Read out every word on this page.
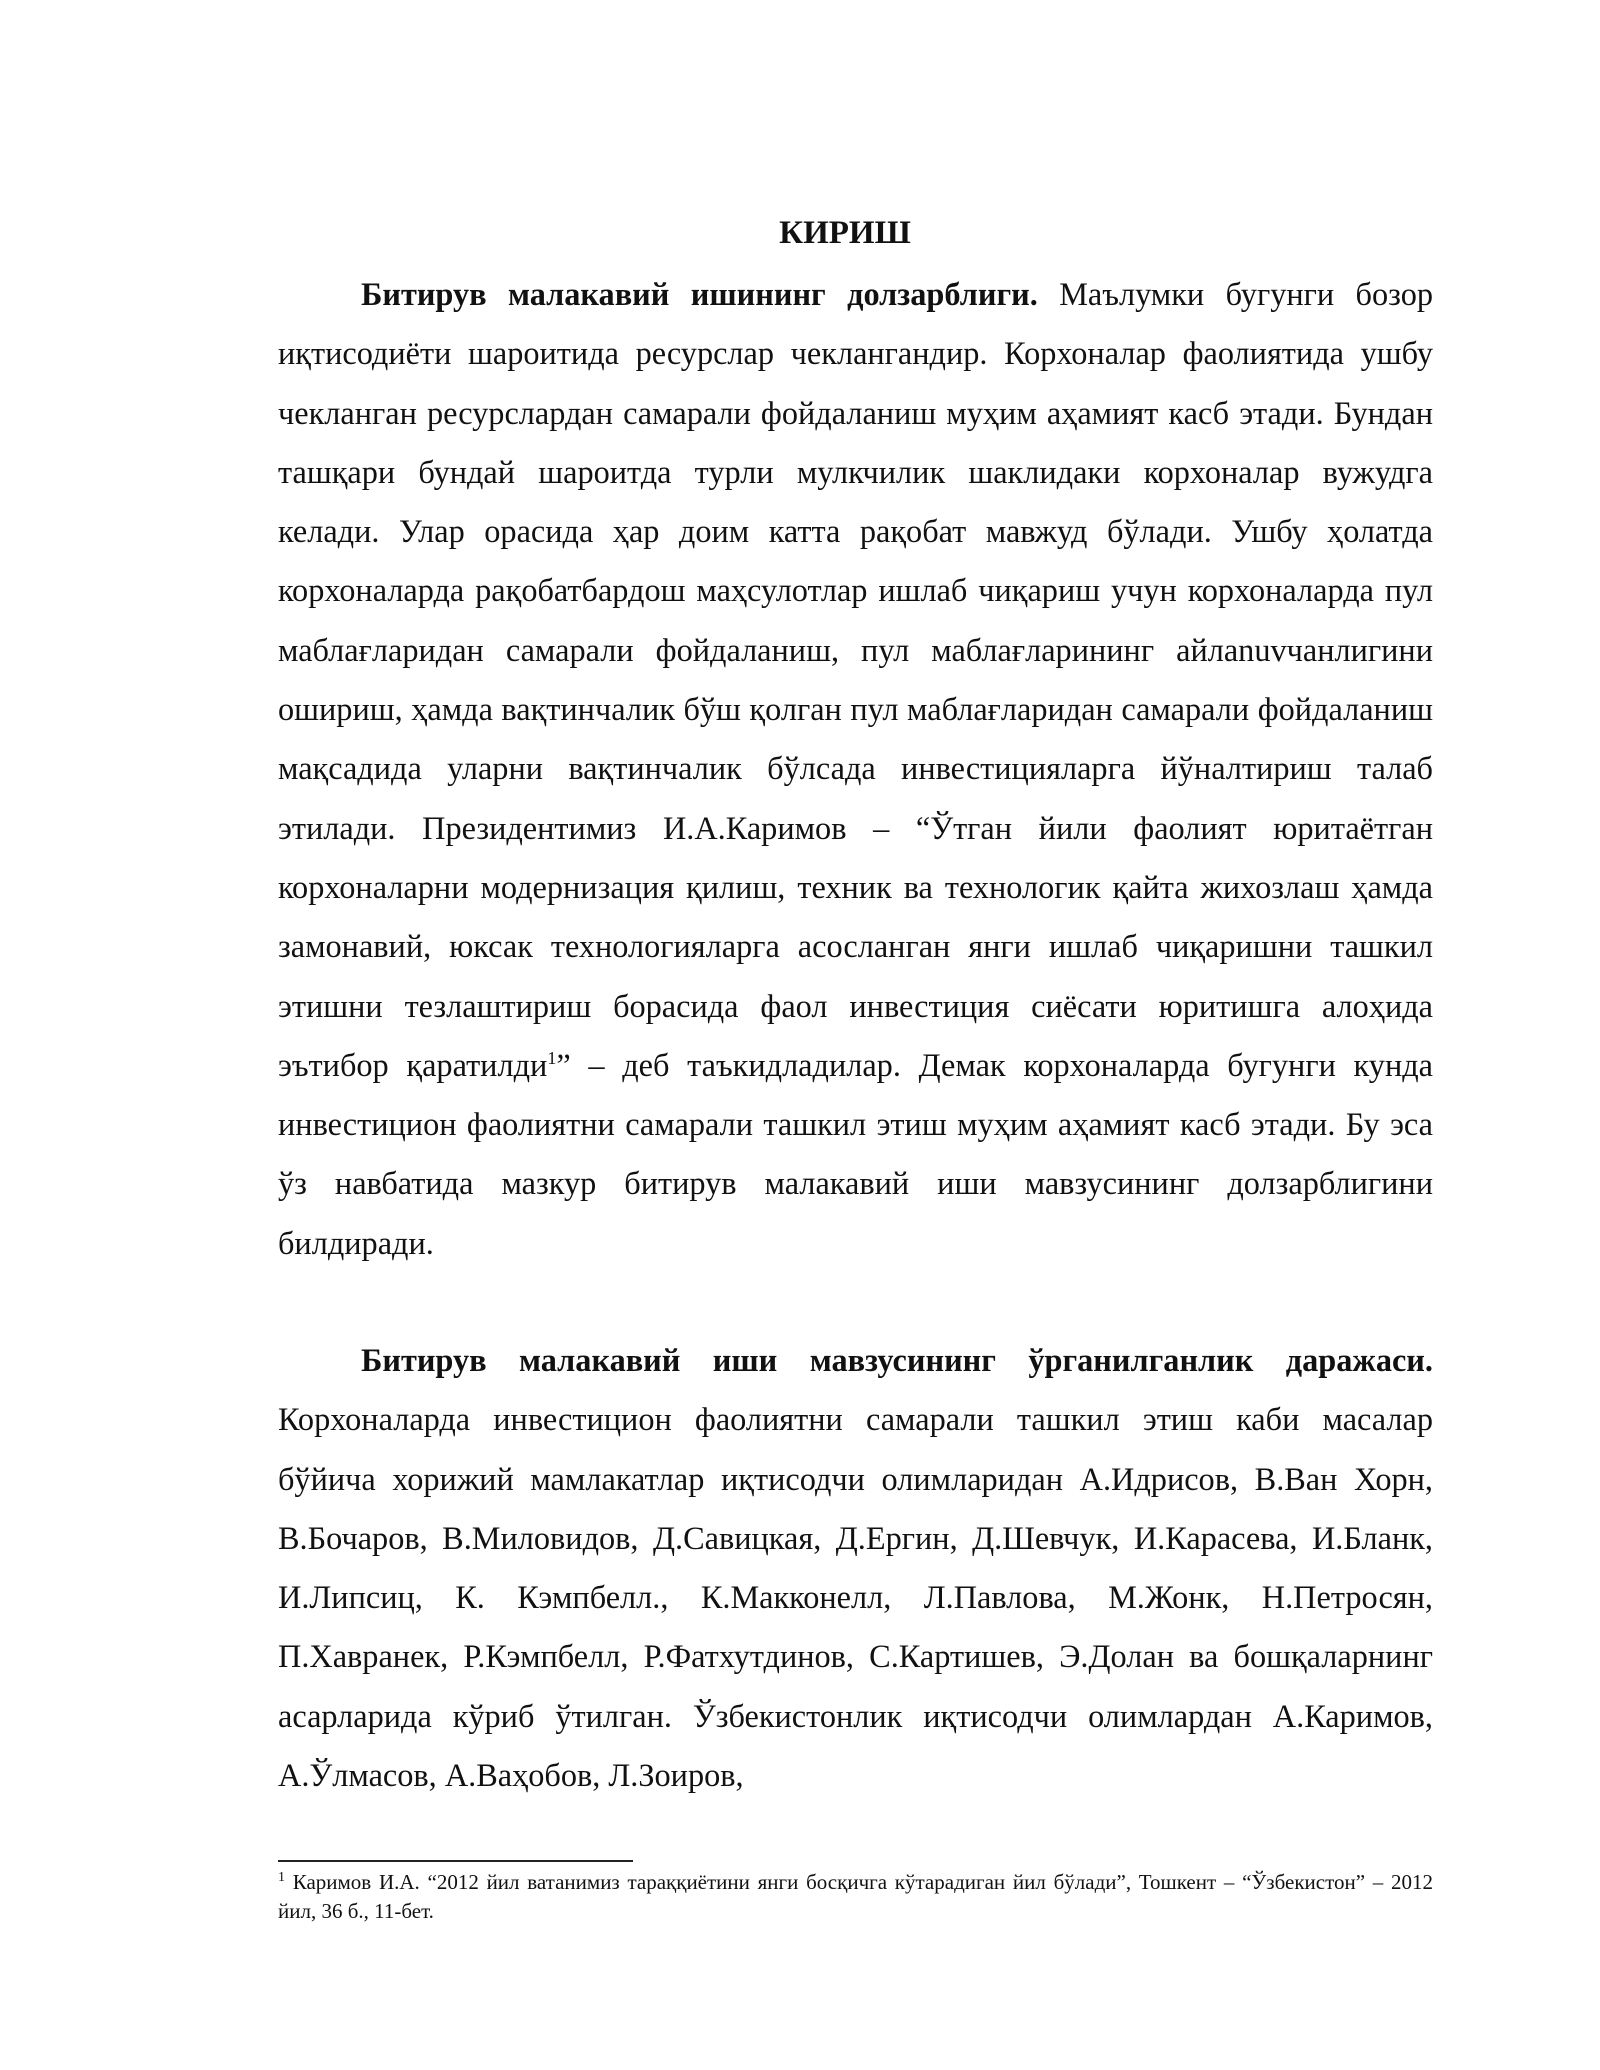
КИРИШ

Битирув малакавий ишининг долзарблиги. Маълумки бугунги бозор иқтисодиёти шароитида ресурслар чеклангандир. Корхоналар фаолиятида ушбу чекланган ресурслардан самарали фойдаланиш муҳим аҳамият касб этади. Бундан ташқари бундай шароитда турли мулкчилик шаклидаки корхоналар вужудга келади. Улар орасида ҳар доим катта рақобат мавжуд бўлади. Ушбу ҳолатда корхоналарда рақобатбардош маҳсулотлар ишлаб чиқариш учун корхоналарда пул маблағларидан самарали фойдаланиш, пул маблағларининг айлanuvчанлигини ошириш, ҳамда вақтинчалик бўш қолган пул маблағларидан самарали фойдаланиш мақсадида уларни вақтинчалик бўлсада инвестицияларга йўналтириш талаб этилади. Президентимиз И.А.Каримов – “Ўтган йили фаолият юритаётган корхоналарни модернизация қилиш, техник ва технологик қайта жихозлаш ҳамда замонавий, юксак технологияларга асосланган янги ишлаб чиқаришни ташкил этишни тезлаштириш борасида фаол инвестиция сиёсати юритишга алоҳида эътибор қаратилди$^1$” – деб таъкидладилар. Демак корхоналарда бугунги кунда инвестицион фаолиятни самарали ташкил этиш муҳим аҳамият касб этади. Бу эса ўз навбатида мазкур битирув малакавий иши мавзусининг долзарблигини билдиради.

Битирув малакавий иши мавзусининг ўрганилганлик даражаси. Корхоналарда инвестицион фаолиятни самарали ташкил этиш каби масалар бўйича хорижий мамлакатлар иқтисодчи олимларидан А.Идрисов, В.Ван Хорн, В.Бочаров, В.Миловидов, Д.Савицкая, Д.Ергин, Д.Шевчук, И.Карасева, И.Бланк, И.Липсиц, К. Кэмпбелл., К.Макконелл, Л.Павлова, М.Жонк, Н.Петросян, П.Хавранек, Р.Кэмпбелл, Р.Фатхутдинов, С.Картишев, Э.Долан ва бошқаларнинг асарларида кўриб ўтилган. Ўзбекистонлик иқтисодчи олимлардан А.Каримов, А.Ўлмасов, А.Ваҳобов, Л.Зоиров,

$^1$ Каримов И.А. “2012 йил ватанимиз тараққиётини янги босқичга кўтарадиган йил бўлади”, Тошкент – “Ўзбекистон” – 2012 йил, 36 б., 11-бет.
